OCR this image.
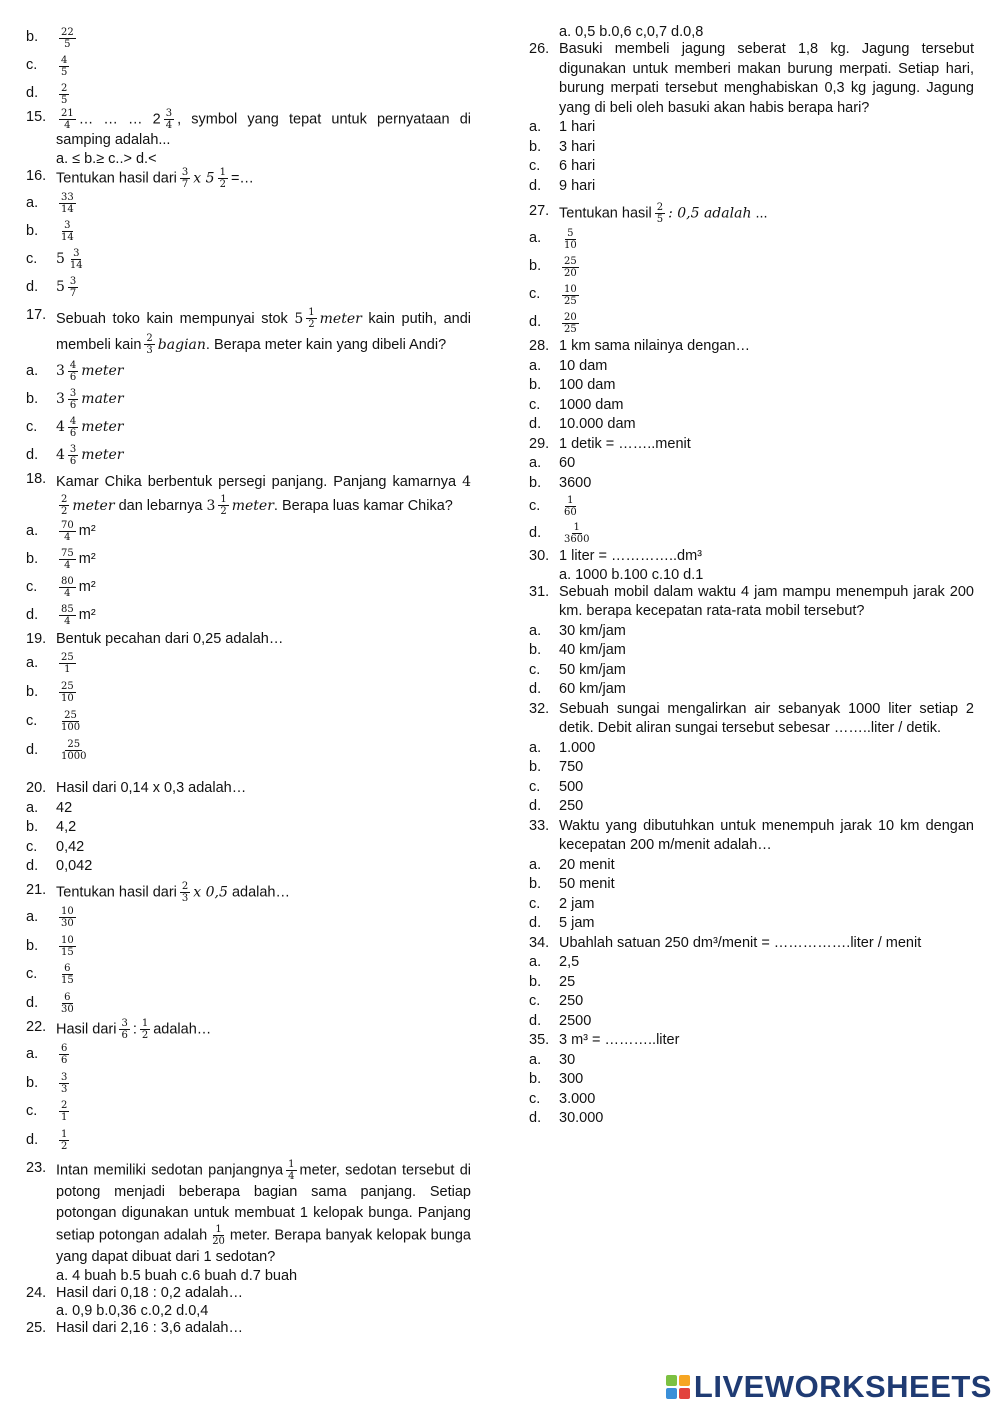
b.	$\frac{22}{5}$
c.	$\frac{4}{5}$
d.	$\frac{2}{5}$
15.	$\frac{21}{4}$ … … … $2 \frac{3}{4}$ , symbol yang tepat untuk pernyataan di samping adalah...
a. ≤ b.≥ c..> d.<
16. Tentukan hasil dari $\frac{3}{7}$ x $5 \frac{1}{2}$ =…
a.	$\frac{33}{14}$
b.	$\frac{3}{14}$
c.	$5 \frac{3}{14}$
d.	$5 \frac{3}{7}$
17. Sebuah toko kain mempunyai stok $5 \frac{1}{2}$ meter kain putih, andi membeli kain $\frac{2}{3}$ bagian. Berapa meter kain yang dibeli Andi?
a.	$3 \frac{4}{6}$ meter
b.	$3 \frac{3}{6}$ mater
c.	$4 \frac{4}{6}$ meter
d.	$4 \frac{3}{6}$ meter
18. Kamar Chika berbentuk persegi panjang. Panjang kamarnya 4
$\frac{2}{2}$ meter dan lebarnya $3 \frac{1}{2}$ meter. Berapa luas kamar Chika?
a.	$\frac{70}{4} m^2$
b.	$\frac{75}{4} m^2$
c.	$\frac{80}{4} m^2$
d.	$\frac{85}{4} m^2$
19. Bentuk pecahan dari 0,25 adalah…
a.	$\frac{25}{1}$
b.	$\frac{25}{10}$
c.	$\frac{25}{100}$
d.	$\frac{25}{1000}$
20. Hasil dari 0,14 x 0,3 adalah…
a.	42
b.	4,2
c.	0,42
d.	0,042
21. Tentukan hasil dari $\frac{2}{3}$ x 0,5 adalah…
a.	$\frac{10}{30}$
b.	$\frac{10}{15}$
c.	$\frac{6}{15}$
d.	$\frac{6}{30}$
22. Hasil dari $\frac{3}{6}$ : $\frac{1}{2}$ adalah…
a.	$\frac{6}{6}$
b.	$\frac{3}{3}$
c.	$\frac{2}{1}$
d.	$\frac{1}{2}$
23. Intan memiliki sedotan panjangnya $\frac{1}{4}$ meter, sedotan tersebut di potong menjadi beberapa bagian sama panjang. Setiap potongan digunakan untuk membuat 1 kelopak bunga. Panjang setiap potongan adalah $\frac{1}{20}$ meter. Berapa banyak kelopak bunga yang dapat dibuat dari 1 sedotan?
a. 4 buah b.5 buah c.6 buah d.7 buah
24. Hasil dari 0,18 : 0,2 adalah…
a. 0,9 b.0,36 c.0,2 d.0,4
25. Hasil dari 2,16 : 3,6 adalah…
a. 0,5 b.0,6 c,0,7 d.0,8
26. Basuki membeli jagung seberat 1,8 kg. Jagung tersebut digunakan untuk memberi makan burung merpati. Setiap hari, burung merpati tersebut menghabiskan 0,3 kg jagung. Jagung yang di beli oleh basuki akan habis berapa hari?
a.	1 hari
b.	3 hari
c.	6 hari
d.	9 hari
27. Tentukan hasil $\frac{2}{5}$ : 0,5 adalah ...
a.	$\frac{5}{10}$
b.	$\frac{25}{20}$
c.	$\frac{10}{25}$
d.	$\frac{20}{25}$
28. 1 km sama nilainya dengan…
a.	10 dam
b.	100 dam
c.	1000 dam
d.	10.000 dam
29. 1 detik = ……..menit
a.	60
b.	3600
c.	$\frac{1}{60}$
d.	$\frac{1}{3600}$
30. 1 liter = …………..dm³
a. 1000 b.100 c.10 d.1
31. Sebuah mobil dalam waktu 4 jam mampu menempuh jarak 200 km. berapa kecepatan rata-rata mobil tersebut?
a.	30 km/jam
b.	40 km/jam
c.	50 km/jam
d.	60 km/jam
32. Sebuah sungai mengalirkan air sebanyak 1000 liter setiap 2 detik. Debit aliran sungai tersebut sebesar ……..liter / detik.
a.	1.000
b.	750
c.	500
d.	250
33. Waktu yang dibutuhkan untuk menempuh jarak 10 km dengan kecepatan 200 m/menit adalah…
a.	20 menit
b.	50 menit
c.	2 jam
d.	5 jam
34. Ubahlah satuan 250 dm³/menit = …………….liter / menit
a.	2,5
b.	25
c.	250
d.	2500
35. 3 m³ = ………..liter
a.	30
b.	300
c.	3.000
d.	30.000
LIVEWORKSHEETS
